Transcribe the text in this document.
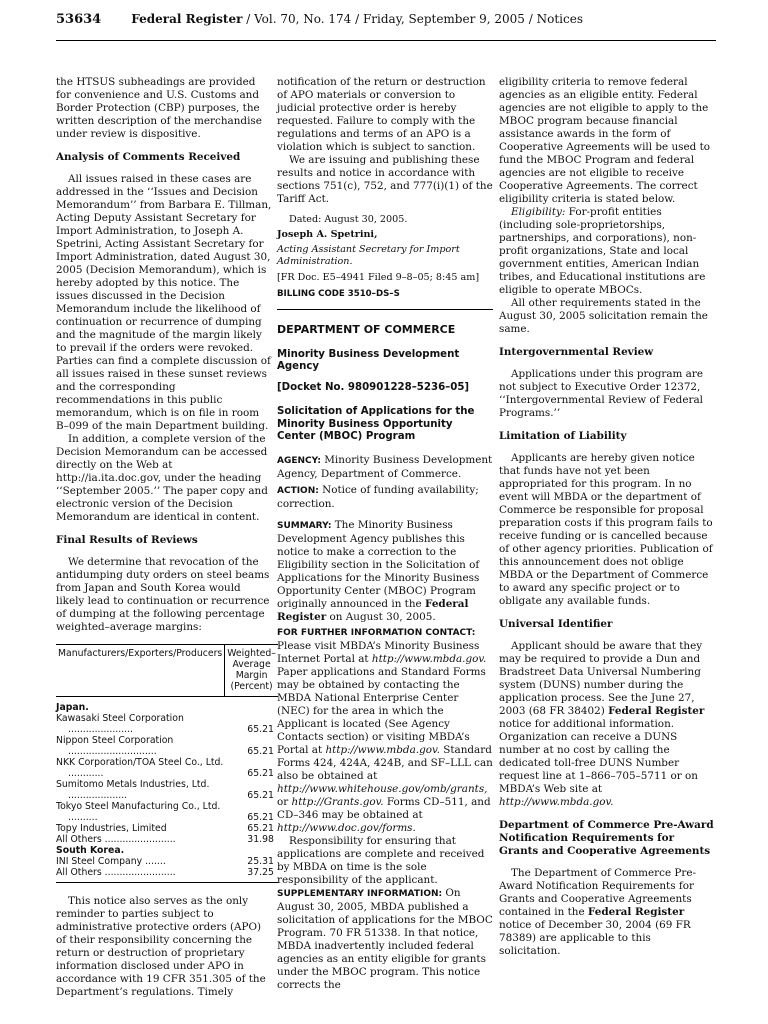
53634	Federal Register / Vol. 70, No. 174 / Friday, September 9, 2005 / Notices

the HTSUS subheadings are provided for convenience and U.S. Customs and Border Protection (CBP) purposes, the written description of the merchandise under review is dispositive.

Analysis of Comments Received

All issues raised in these cases are addressed in the ‘‘Issues and Decision Memorandum’’ from Barbara E. Tillman, Acting Deputy Assistant Secretary for Import Administration, to Joseph A. Spetrini, Acting Assistant Secretary for Import Administration, dated August 30, 2005 (Decision Memorandum), which is hereby adopted by this notice. The issues discussed in the Decision Memorandum include the likelihood of continuation or recurrence of dumping and the magnitude of the margin likely to prevail if the orders were revoked. Parties can find a complete discussion of all issues raised in these sunset reviews and the corresponding recommendations in this public memorandum, which is on file in room B–099 of the main Department building.

In addition, a complete version of the Decision Memorandum can be accessed directly on the Web at http://ia.ita.doc.gov, under the heading ‘‘September 2005.’’ The paper copy and electronic version of the Decision Memorandum are identical in content.

Final Results of Reviews

We determine that revocation of the antidumping duty orders on steel beams from Japan and South Korea would likely lead to continuation or recurrence of dumping at the following percentage weighted–average margins:

Manufacturers/Exporters/Producers	Weighted–Average Margin (Percent)
Japan.	

Kawasaki Steel Corporation ......................	65.21

Nippon Steel Corporation ..............................	65.21

NKK Corporation/TOA Steel Co., Ltd. ............	65.21

Sumitomo Metals Industries, Ltd. ....................	65.21

Tokyo Steel Manufacturing Co., Ltd. ..........	65.21

Topy Industries, Limited	65.21

All Others ........................	31.98
South Korea.	

INI Steel Company .......	25.31

All Others ........................	37.25

This notice also serves as the only reminder to parties subject to administrative protective orders (APO) of their responsibility concerning the return or destruction of proprietary information disclosed under APO in accordance with 19 CFR 351.305 of the Department’s regulations. Timely

notification of the return or destruction of APO materials or conversion to judicial protective order is hereby requested. Failure to comply with the regulations and terms of an APO is a violation which is subject to sanction.

We are issuing and publishing these results and notice in accordance with sections 751(c), 752, and 777(i)(1) of the Tariff Act.

Dated: August 30, 2005.

Joseph A. Spetrini,

Acting Assistant Secretary for Import Administration.

[FR Doc. E5–4941 Filed 9–8–05; 8:45 am]

BILLING CODE 3510–DS–S

DEPARTMENT OF COMMERCE

Minority Business Development Agency

[Docket No. 980901228–5236–05]

Solicitation of Applications for the Minority Business Opportunity Center (MBOC) Program

AGENCY: Minority Business Development Agency, Department of Commerce.

ACTION: Notice of funding availability; correction.

SUMMARY: The Minority Business Development Agency publishes this notice to make a correction to the Eligibility section in the Solicitation of Applications for the Minority Business Opportunity Center (MBOC) Program originally announced in the Federal Register on August 30, 2005.

FOR FURTHER INFORMATION CONTACT:
Please visit MBDA’s Minority Business Internet Portal at http://www.mbda.gov. Paper applications and Standard Forms may be obtained by contacting the MBDA National Enterprise Center (NEC) for the area in which the Applicant is located (See Agency Contacts section) or visiting MBDA’s Portal at http://www.mbda.gov. Standard Forms 424, 424A, 424B, and SF–LLL can also be obtained at http://www.whitehouse.gov/omb/grants, or http://Grants.gov. Forms CD–511, and CD–346 may be obtained at http://www.doc.gov/forms.

Responsibility for ensuring that applications are complete and received by MBDA on time is the sole responsibility of the applicant.

SUPPLEMENTARY INFORMATION: On August 30, 2005, MBDA published a solicitation of applications for the MBOC Program. 70 FR 51338. In that notice, MBDA inadvertently included federal agencies as an entity eligible for grants under the MBOC program. This notice corrects the

eligibility criteria to remove federal agencies as an eligible entity. Federal agencies are not eligible to apply to the MBOC program because financial assistance awards in the form of Cooperative Agreements will be used to fund the MBOC Program and federal agencies are not eligible to receive Cooperative Agreements. The correct eligibility criteria is stated below.

Eligibility: For-profit entities (including sole-proprietorships, partnerships, and corporations), non-profit organizations, State and local government entities, American Indian tribes, and Educational institutions are eligible to operate MBOCs.

All other requirements stated in the August 30, 2005 solicitation remain the same.

Intergovernmental Review

Applications under this program are not subject to Executive Order 12372, ‘‘Intergovernmental Review of Federal Programs.’’

Limitation of Liability

Applicants are hereby given notice that funds have not yet been appropriated for this program. In no event will MBDA or the department of Commerce be responsible for proposal preparation costs if this program fails to receive funding or is cancelled because of other agency priorities. Publication of this announcement does not oblige MBDA or the Department of Commerce to award any specific project or to obligate any available funds.

Universal Identifier

Applicant should be aware that they may be required to provide a Dun and Bradstreet Data Universal Numbering system (DUNS) number during the application process. See the June 27, 2003 (68 FR 38402) Federal Register notice for additional information. Organization can receive a DUNS number at no cost by calling the dedicated toll-free DUNS Number request line at 1–866–705–5711 or on MBDA’s Web site at http://www.mbda.gov.

Department of Commerce Pre-Award Notification Requirements for Grants and Cooperative Agreements

The Department of Commerce Pre-Award Notification Requirements for Grants and Cooperative Agreements contained in the Federal Register notice of December 30, 2004 (69 FR 78389) are applicable to this solicitation.
